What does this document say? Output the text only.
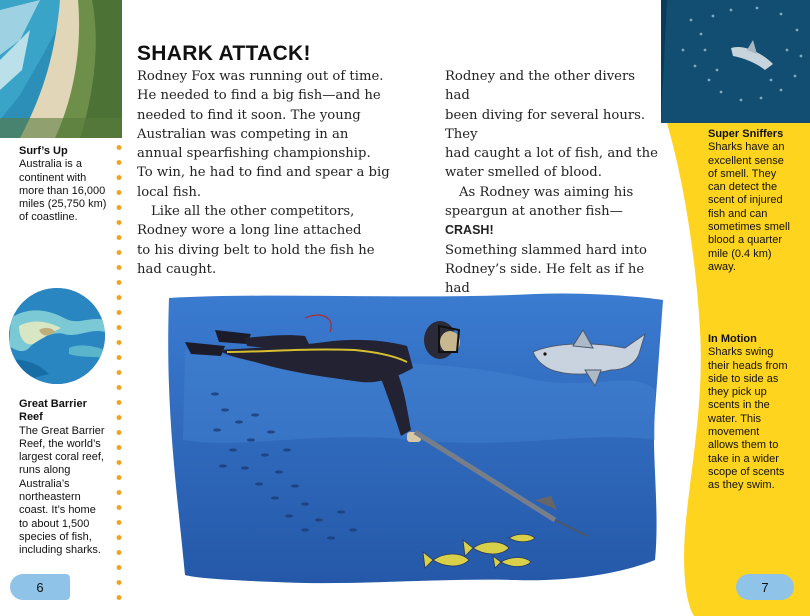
Surf’s Up
Australia is a
continent with
more than 16,000
miles (25,750 km)
of coastline.
Great Barrier
Reef
The Great Barrier
Reef, the world’s
largest coral reef,
runs along
Australia’s
northeastern
coast. It’s home
to about 1,500
species of fish,
including sharks.
6
SHARK ATTACK!

Rodney Fox was running out of time.
He needed to find a big fish—and he
needed to find it soon. The young
Australian was competing in an
annual spearfishing championship.
To win, he had to find and spear a big
local fish.

Like all the other competitors,
Rodney wore a long line attached
to his diving belt to hold the fish he
had caught.

Rodney and the other divers had
been diving for several hours. They
had caught a lot of fish, and the
water smelled of blood.

As Rodney was aiming his
speargun at another fish—CRASH!
Something slammed hard into
Rodney’s side. He felt as if he had

Super Sniffers
Sharks have an
excellent sense
of smell. They
can detect the
scent of injured
fish and can
sometimes smell
blood a quarter
mile (0.4 km)
away.
In Motion
Sharks swing
their heads from
side to side as
they pick up
scents in the
water. This
movement
allows them to
take in a wider
scope of scents
as they swim.
7
